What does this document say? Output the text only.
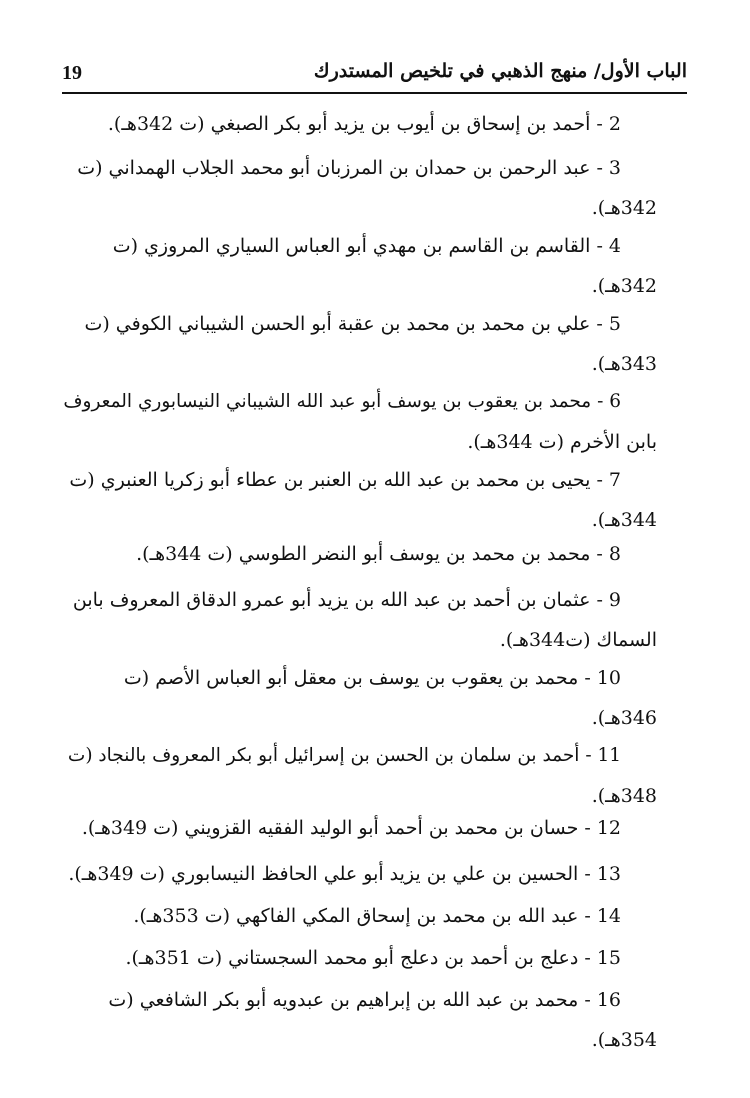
19	الباب الأول/ منهج الذهبي في تلخيص المستدرك
2 - أحمد بن إسحاق بن أيوب بن يزيد أبو بكر الصبغي (ت 342هـ).
3 - عبد الرحمن بن حمدان بن المرزبان أبو محمد الجلاب الهمداني (ت
342هـ).
4 - القاسم بن القاسم بن مهدي أبو العباس السياري المروزي (ت
342هـ).
5 - علي بن محمد بن محمد بن عقبة أبو الحسن الشيباني الكوفي (ت
343هـ).
6 - محمد بن يعقوب بن يوسف أبو عبد الله الشيباني النيسابوري المعروف
بابن الأخرم (ت 344هـ).
7 - يحيى بن محمد بن عبد الله بن العنبر بن عطاء أبو زكريا العنبري (ت
344هـ).
8 - محمد بن محمد بن يوسف أبو النضر الطوسي (ت 344هـ).
9 - عثمان بن أحمد بن عبد الله بن يزيد أبو عمرو الدقاق المعروف بابن
السماك (ت344هـ).
10 - محمد بن يعقوب بن يوسف بن معقل أبو العباس الأصم (ت
346هـ).
11 - أحمد بن سلمان بن الحسن بن إسرائيل أبو بكر المعروف بالنجاد (ت
348هـ).
12 - حسان بن محمد بن أحمد أبو الوليد الفقيه القزويني (ت 349هـ).
13 - الحسين بن علي بن يزيد أبو علي الحافظ النيسابوري (ت 349هـ).
14 - عبد الله بن محمد بن إسحاق المكي الفاكهي (ت 353هـ).
15 - دعلج بن أحمد بن دعلج أبو محمد السجستاني (ت 351هـ).
16 - محمد بن عبد الله بن إبراهيم بن عبدويه أبو بكر الشافعي (ت
354هـ).
